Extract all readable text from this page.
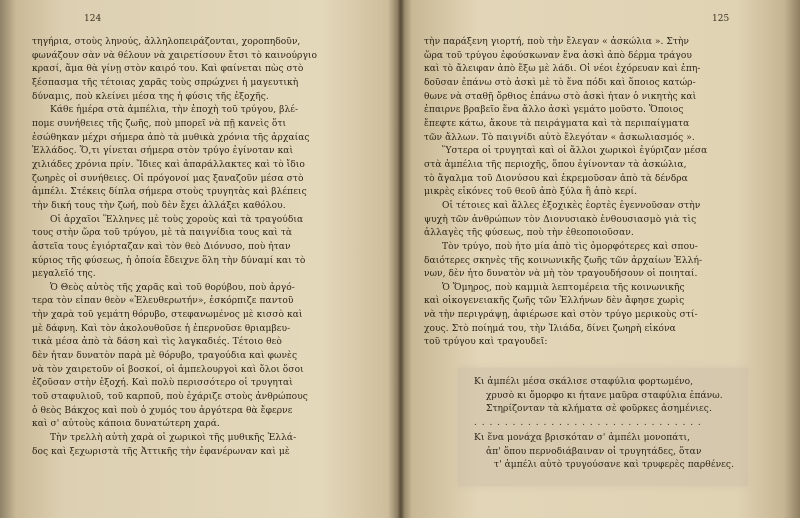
124	125
τηγήρια, στοὺς ληνούς, ἀλληλοπειράζονται, χοροπηδοῦν,
φωνάζουν σὰν νὰ θέλουν νὰ χαιρετίσουν ἔτσι τὸ καινούργιο
κρασί, ἅμα θὰ γίνῃ στὸν καιρό του. Καὶ φαίνεται πὼς στὸ
ξέσπασμα τῆς τέτοιας χαρᾶς τοὺς σπρώχνει ἡ μαγευτικὴ
δύναμις, ποὺ κλείνει μέσα της ἡ φύσις τῆς ἐξοχῆς.
Κάθε ἡμέρα στὰ ἀμπέλια, τὴν ἐποχὴ τοῦ τρύγου, βλέ-
πομε συνήθειες τῆς ζωῆς, ποὺ μπορεῖ νὰ πῇ κανεὶς ὅτι
ἐσώθηκαν μέχρι σήμερα ἀπὸ τὰ μυθικὰ χρόνια τῆς ἀρχαίας
Ἑλλάδος. Ὅ,τι γίνεται σήμερα στὸν τρύγο ἐγίνοταν καὶ
χιλιάδες χρόνια πρίν. Ἴδιες καὶ ἀπαράλλακτες καὶ τὸ ἴδιο
ζωηρὲς οἱ συνήθειες. Οἱ πρόγονοί μας ξαναζοῦν μέσα στὸ
ἀμπέλι. Στέκεις δίπλα σήμερα στοὺς τρυγητὰς καὶ βλέπεις
τὴν δική τους τὴν ζωή, ποὺ δὲν ἔχει ἀλλάξει καθόλου.
Οἱ ἀρχαῖοι Ἕλληνες μὲ τοὺς χοροὺς καὶ τὰ τραγούδια
τους στὴν ὥρα τοῦ τρύγου, μὲ τὰ παιγνίδια τους καὶ τὰ
ἀστεῖα τους ἐγιόρταζαν καὶ τὸν θεὸ Διόνυσο, ποὺ ἦταν
κύριος τῆς φύσεως, ἡ ὁποία ἔδειχνε ὅλη τὴν δύναμί και τὸ
μεγαλεῖό της.
Ὁ Θεὸς αὐτὸς τῆς χαρᾶς καὶ τοῦ θορύβου, ποὺ ἀργό-
τερα τὸν εἶπαν θεὸν «Ἐλευθερωτήν», ἐσκόρπιζε παντοῦ
τὴν χαρὰ τοῦ γεμάτη θόρυβο, στεφανωμένος μὲ κισσὸ καὶ
μὲ δάφνη. Καὶ τὸν ἀκολουθοῦσε ἡ ἐπερνοῦσε θριαμβευ-
τικὰ μέσα ἀπὸ τὰ δάση καὶ τὶς λαγκαδιές. Τέτοιο θεὸ
δὲν ἦταν δυνατὸν παρὰ μὲ θόρυβο, τραγούδια καὶ φωνὲς
νὰ τὸν χαιρετοῦν οἱ βοσκοί, οἱ ἀμπελουργοὶ καὶ ὅλοι ὅσοι
ἐζοῦσαν στὴν ἐξοχή. Καὶ πολὺ περισσότερο οἱ τρυγηταὶ
τοῦ σταφυλιοῦ, τοῦ καρποῦ, ποὺ ἐχάριζε στοὺς ἀνθρώπους
ὁ θεὸς Βάκχος καὶ ποὺ ὁ χυμός του ἀργότερα θὰ ἔφερνε
καὶ σ' αὐτοὺς κάποια δυνατώτερη χαρά.
Τὴν τρελλὴ αὐτὴ χαρὰ οἱ χωρικοὶ τῆς μυθικῆς Ἑλλά-
δος καὶ ξεχωριστὰ τῆς Ἀττικῆς τὴν ἐφανέρωναν καὶ μὲ
τὴν παράξενη γιορτή, ποὺ τὴν ἔλεγαν « ἀσκώλια ». Στὴν
ὥρα τοῦ τρύγου ἐφούσκωναν ἕνα ἀσκὶ ἀπὸ δέρμα τράγου
καὶ τὸ ἄλειφαν ἀπὸ ἔξω μὲ λάδι. Οἱ νέοι ἐχόρευαν καὶ ἐπη-
δοῦσαν ἐπάνω στὸ ἀσκὶ μὲ τὸ ἕνα πόδι καὶ ὅποιος κατώρ-
θωνε νὰ σταθῇ ὄρθιος ἐπάνω στὸ ἀσκὶ ἦταν ὁ νικητὴς καὶ
ἐπαιρνε βραβεῖο ἕνα ἄλλο ἀσκὶ γεμάτο μοῦστο. Ὅποιος
ἔπεφτε κάτω, ἄκουε τὰ πειράγματα καὶ τὰ περιπαίγματα
τῶν ἄλλων. Τὸ παιγνίδι αὐτὸ ἔλεγόταν « ἀσκωλιασμός ».
Ὕστερα οἱ τρυγηταὶ καὶ οἱ ἄλλοι χωρικοὶ ἐγύριζαν μέσα
στὰ ἀμπέλια τῆς περιοχῆς, ὅπου ἐγίνονταν τὰ ἀσκώλια,
τὸ ἄγαλμα τοῦ Διονύσου καὶ ἐκρεμοῦσαν ἀπὸ τὰ δένδρα
μικρὲς εἰκόνες τοῦ θεοῦ ἀπὸ ξύλα ἢ ἀπὸ κερί.
Οἱ τέτοιες καὶ ἄλλες ἐξοχικὲς ἑορτὲς ἐγεννοῦσαν στὴν
ψυχὴ τῶν ἀνθρώπων τὸν Διονυσιακὸ ἐνθουσιασμὸ γιὰ τὶς
ἀλλαγὲς τῆς φύσεως, ποὺ τὴν ἐθεοποιοῦσαν.
Τὸν τρύγο, ποὺ ἦτο μία ἀπὸ τὶς ὀμορφότερες καὶ σπου-
δαιότερες σκηνὲς τῆς κοινωνικῆς ζωῆς τῶν ἀρχαίων Ἑλλή-
νων, δὲν ἦτο δυνατὸν νὰ μὴ τὸν τραγουδήσουν οἱ ποιηταί.
Ὁ Ὅμηρος, ποὺ καμμιὰ λεπτομέρεια τῆς κοινωνικῆς
καὶ οἰκογενειακῆς ζωῆς τῶν Ἑλλήνων δὲν ἄφησε χωρὶς
νὰ τὴν περιγράψῃ, ἀφιέρωσε καὶ στὸν τρύγο μερικοὺς στί-
χους. Στὸ ποίημά του, τὴν Ἰλιάδα, δίνει ζωηρὴ εἰκόνα
τοῦ τρύγου καὶ τραγουδεῖ:
Κι ἀμπέλι μέσα σκάλισε σταφύλια φορτωμένο,
χρυσὸ κι ὄμορφο κι ἦτανε μαῦρα σταφύλια ἐπάνω.
Στηρίζονταν τὰ κλήματα σὲ φοῦρκες ἀσημένιες.
. . . . . . . . . . . . . . . . . . . . . . . . . . . . . .
Κι ἕνα μονάχα βρισκόταν σ' ἀμπέλι μονοπάτι,
ἀπ' ὅπου περνοδιάβαιναν οἱ τρυγητάδες, ὅταν
τ' ἀμπέλι αὐτὸ τρυγούσανε καὶ τρυφερὲς παρθένες.
